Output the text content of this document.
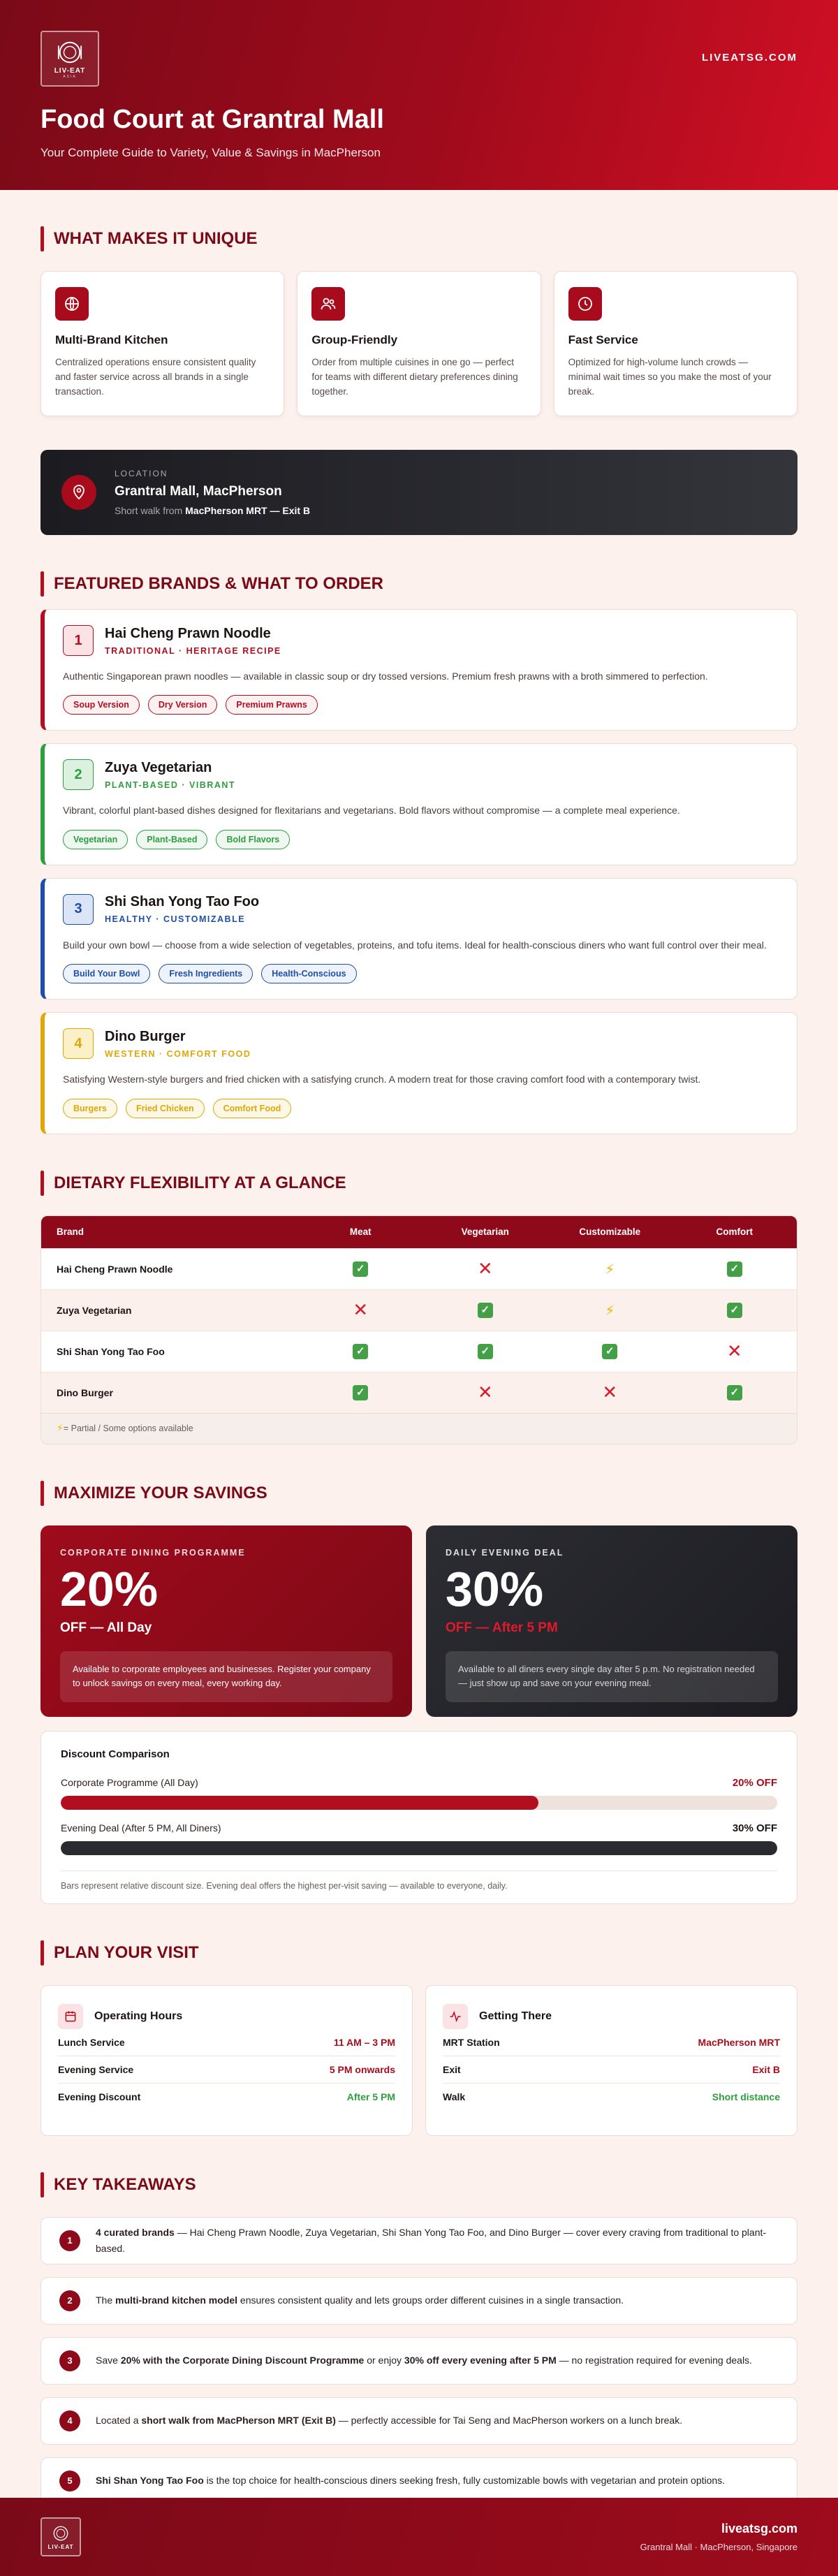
LIV-EAT
ASIA
LIVEATSG.COM
Food Court at Grantral Mall
Your Complete Guide to Variety, Value & Savings in MacPherson
WHAT MAKES IT UNIQUE
Multi-Brand Kitchen

Centralized operations ensure consistent quality and faster service across all brands in a single transaction.

Group-Friendly

Order from multiple cuisines in one go — perfect for teams with different dietary preferences dining together.

Fast Service

Optimized for high-volume lunch crowds — minimal wait times so you make the most of your break.

LOCATION
Grantral Mall, MacPherson
Short walk from MacPherson MRT — Exit B
FEATURED BRANDS & WHAT TO ORDER
1	Hai Cheng Prawn Noodle
TRADITIONAL · HERITAGE RECIPE

Authentic Singaporean prawn noodles — available in classic soup or dry tossed versions. Premium fresh prawns with a broth simmered to perfection.

Soup Version	Dry Version	Premium Prawns
2	Zuya Vegetarian
PLANT-BASED · VIBRANT

Vibrant, colorful plant-based dishes designed for flexitarians and vegetarians. Bold flavors without compromise — a complete meal experience.

Vegetarian	Plant-Based	Bold Flavors
3	Shi Shan Yong Tao Foo
HEALTHY · CUSTOMIZABLE

Build your own bowl — choose from a wide selection of vegetables, proteins, and tofu items. Ideal for health-conscious diners who want full control over their meal.

Build Your Bowl	Fresh Ingredients	Health-Conscious
4	Dino Burger
WESTERN · COMFORT FOOD

Satisfying Western-style burgers and fried chicken with a satisfying crunch. A modern treat for those craving comfort food with a contemporary twist.

Burgers	Fried Chicken	Comfort Food
DIETARY FLEXIBILITY AT A GLANCE
Brand	Meat	Vegetarian	Customizable	Comfort
Hai Cheng Prawn Noodle	✓	✕	⚡	✓
Zuya Vegetarian	✕	✓	⚡	✓
Shi Shan Yong Tao Foo	✓	✓	✓	✕
Dino Burger	✓	✕	✕	✓
⚡ = Partial / Some options available
MAXIMIZE YOUR SAVINGS
CORPORATE DINING PROGRAMME
20%
OFF — All Day
Available to corporate employees and businesses. Register your company to unlock savings on every meal, every working day.
DAILY EVENING DEAL
30%
OFF — After 5 PM
Available to all diners every single day after 5 p.m. No registration needed — just show up and save on your evening meal.
Discount Comparison
Corporate Programme (All Day)	20% OFF
Evening Deal (After 5 PM, All Diners)	30% OFF
Bars represent relative discount size. Evening deal offers the highest per-visit saving — available to everyone, daily.
PLAN YOUR VISIT
Operating Hours
Lunch Service	11 AM – 3 PM
Evening Service	5 PM onwards
Evening Discount	After 5 PM
Getting There
MRT Station	MacPherson MRT
Exit	Exit B
Walk	Short distance
KEY TAKEAWAYS
1
4 curated brands — Hai Cheng Prawn Noodle, Zuya Vegetarian, Shi Shan Yong Tao Foo, and Dino Burger — cover every craving from traditional to plant-based.
2	The multi-brand kitchen model ensures consistent quality and lets groups order different cuisines in a single transaction.
3	Save 20% with the Corporate Dining Discount Programme or enjoy 30% off every evening after 5 PM — no registration required for evening deals.
4	Located a short walk from MacPherson MRT (Exit B) — perfectly accessible for Tai Seng and MacPherson workers on a lunch break.
5	Shi Shan Yong Tao Foo is the top choice for health-conscious diners seeking fresh, fully customizable bowls with vegetarian and protein options.
LIV-EAT
liveatsg.com
Grantral Mall · MacPherson, Singapore
